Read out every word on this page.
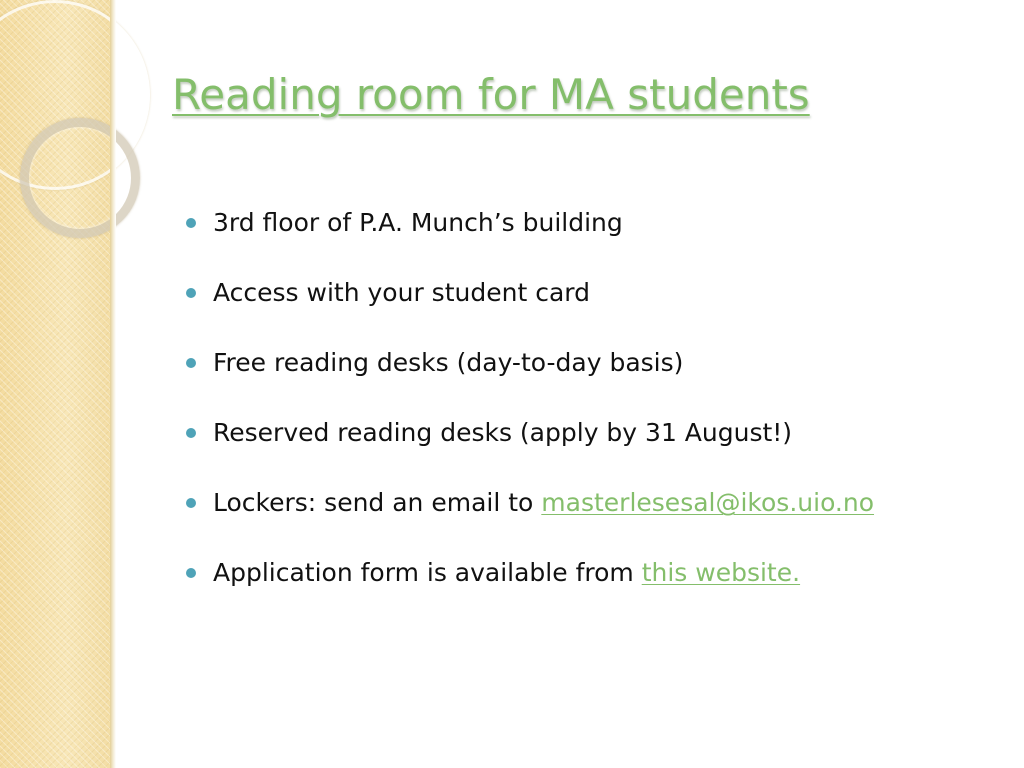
Reading room for MA students
3rd floor of P.A. Munch’s building
Access with your student card
Free reading desks (day-to-day basis)
Reserved reading desks (apply by 31 August!)
Lockers: send an email to masterlesesal@ikos.uio.no
Application form is available from this website.
